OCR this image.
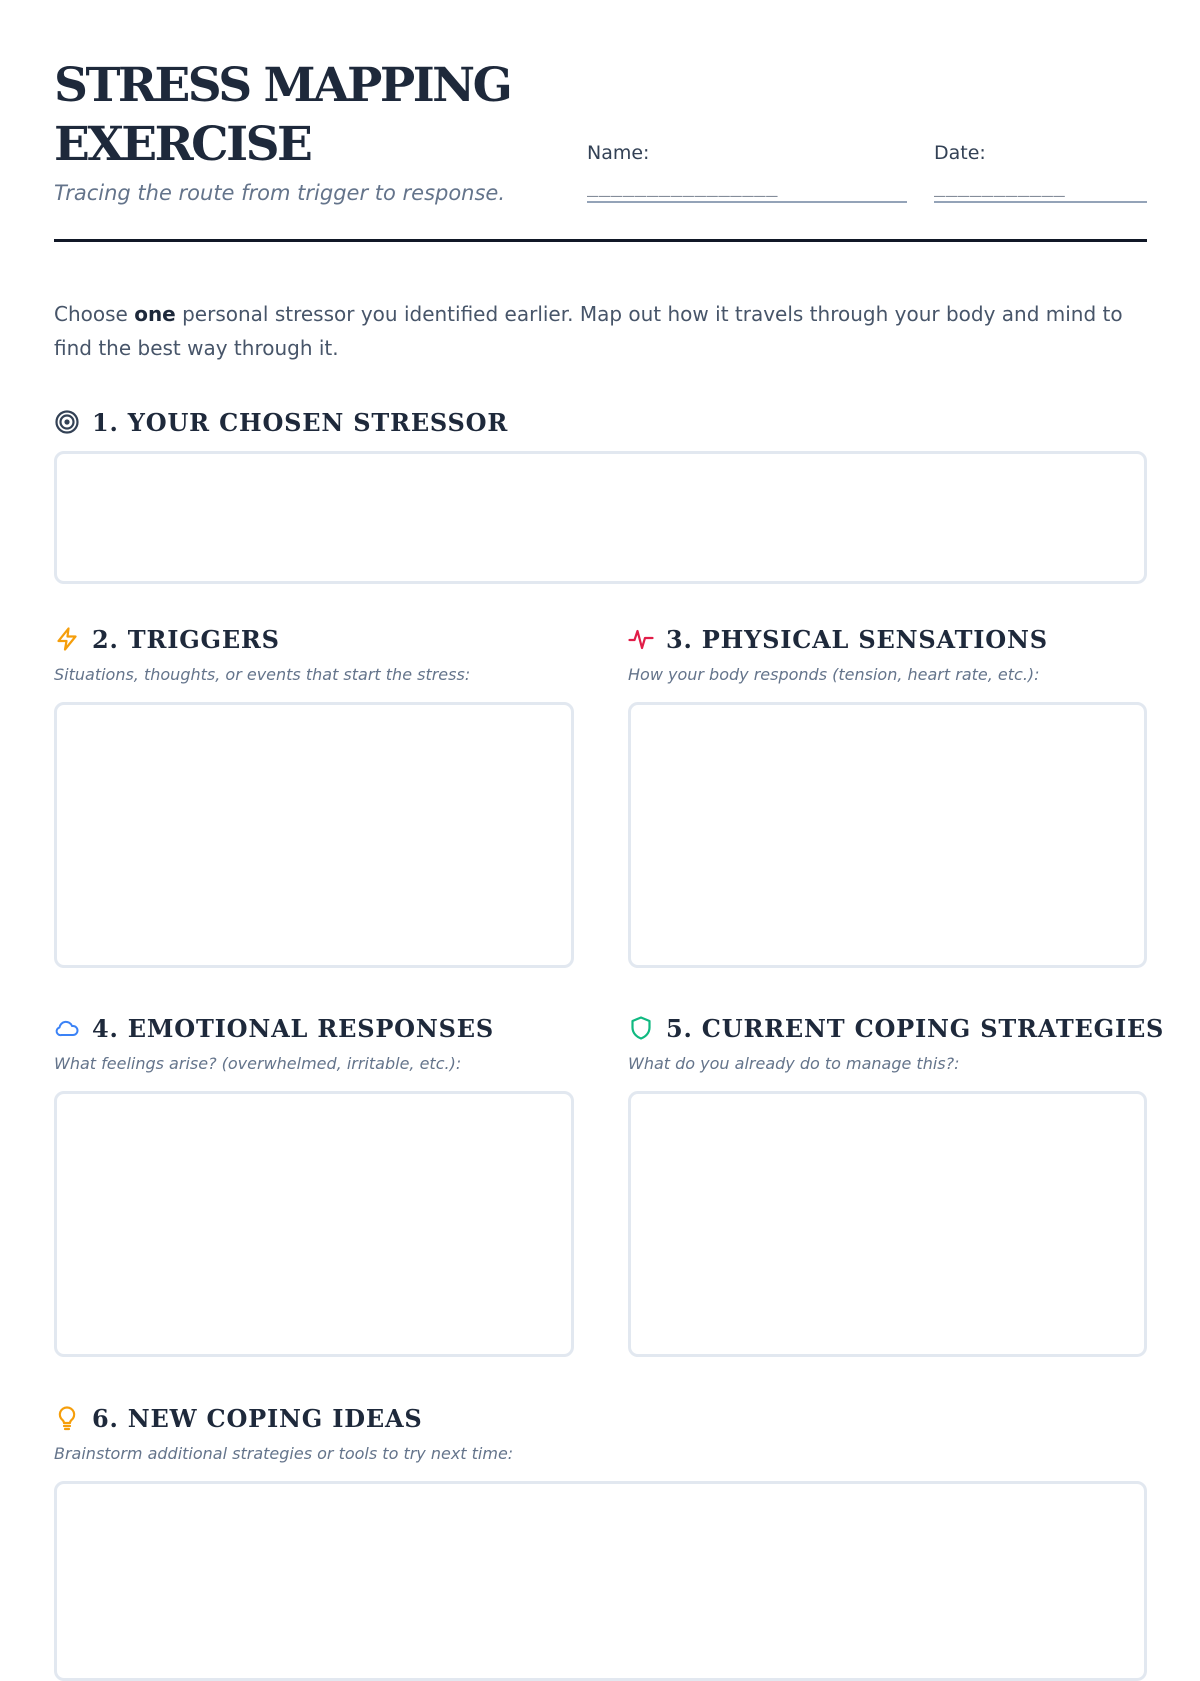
STRESS MAPPING EXERCISE
Tracing the route from trigger to response.
Name:
________________
Date:
___________

Choose one personal stressor you identified earlier. Map out how it travels through your body and mind to find the best way through it.

1. YOUR CHOSEN STRESSOR
2. TRIGGERS
Situations, thoughts, or events that start the stress:
3. PHYSICAL SENSATIONS
How your body responds (tension, heart rate, etc.):
4. EMOTIONAL RESPONSES
What feelings arise? (overwhelmed, irritable, etc.):
5. CURRENT COPING STRATEGIES
What do you already do to manage this?:
6. NEW COPING IDEAS
Brainstorm additional strategies or tools to try next time:
